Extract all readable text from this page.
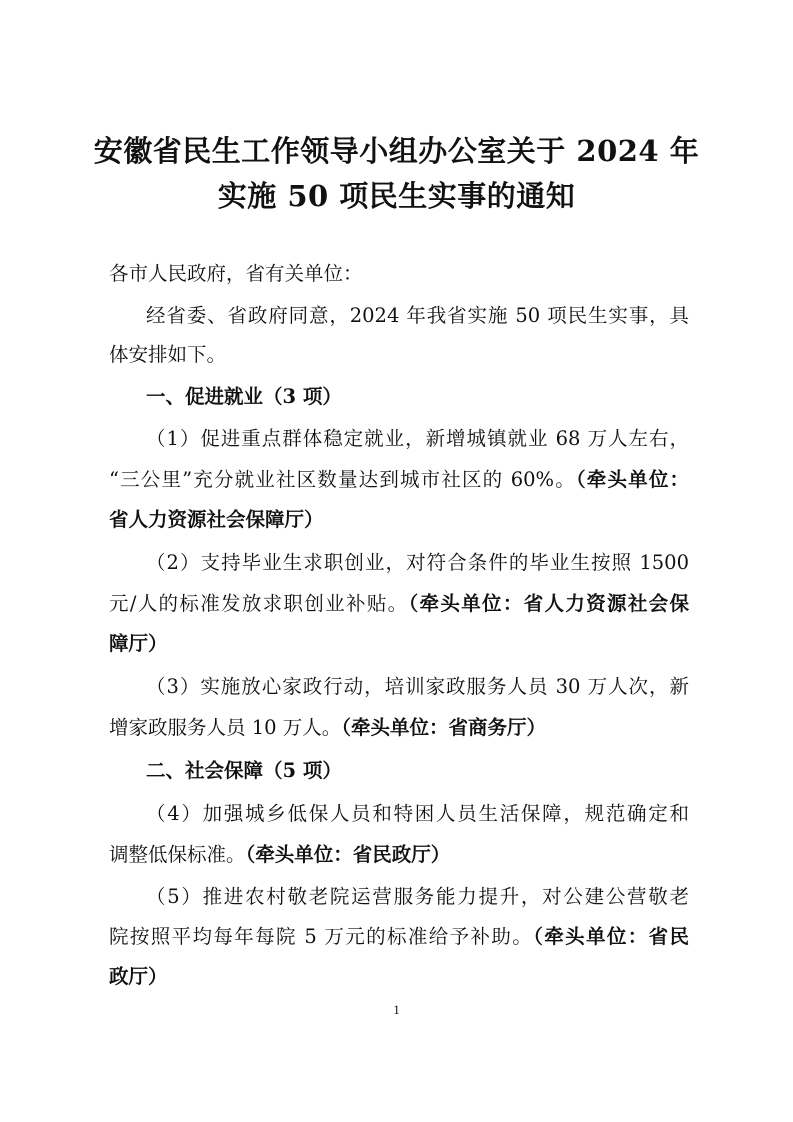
安徽省民生工作领导小组办公室关于 2024 年
实施 50 项民生实事的通知
各市人民政府，省有关单位：
经省委、省政府同意，2024 年我省实施 50 项民生实事，具
体安排如下。
一、促进就业（3 项）
（1）促进重点群体稳定就业，新增城镇就业 68 万人左右，
“三公里”充分就业社区数量达到城市社区的 60%。（牵头单位：
省人力资源社会保障厅）
（2）支持毕业生求职创业，对符合条件的毕业生按照 1500
元/人的标准发放求职创业补贴。（牵头单位：省人力资源社会保
障厅）
（3）实施放心家政行动，培训家政服务人员 30 万人次，新
增家政服务人员 10 万人。（牵头单位：省商务厅）
二、社会保障（5 项）
（4）加强城乡低保人员和特困人员生活保障，规范确定和
调整低保标准。（牵头单位：省民政厅）
（5）推进农村敬老院运营服务能力提升，对公建公营敬老
院按照平均每年每院 5 万元的标准给予补助。（牵头单位：省民
政厅）
1
